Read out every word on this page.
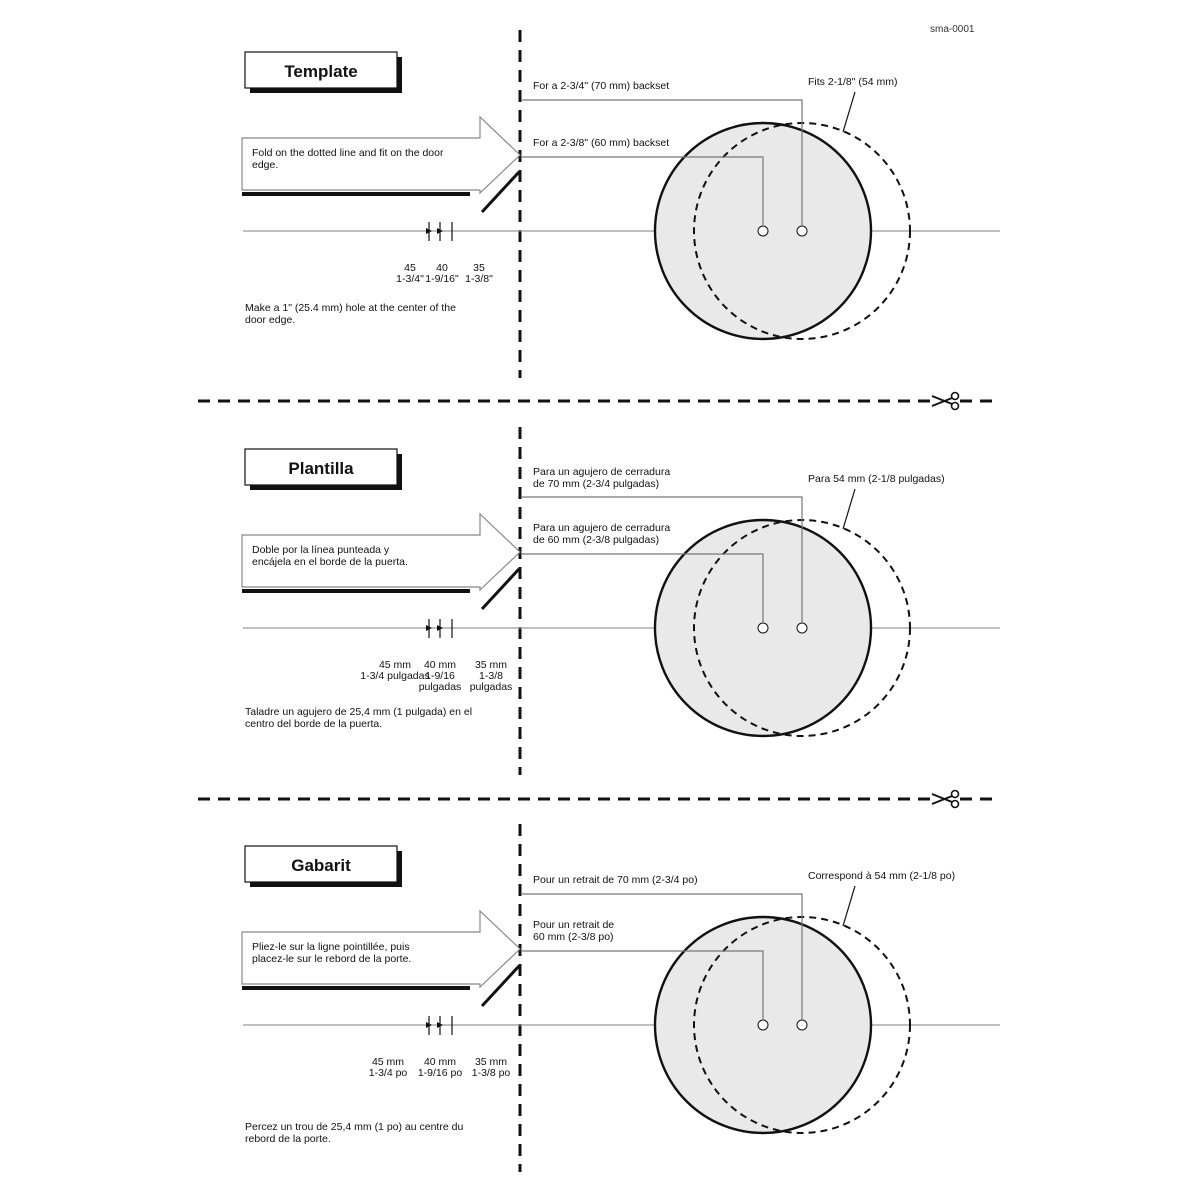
sma-0001
Template
Fold on the dotted line and fit on the door edge.
For a 2-3/4" (70 mm) backset
For a 2-3/8" (60 mm) backset
Fits 2-1/8" (54 mm)
45 1-3/4"
40 1-9/16"
35 1-3/8"
Make a 1" (25.4 mm) hole at the center of the door edge.
Plantilla
Doble por la línea punteada y encájela en el borde de la puerta.
Para un agujero de cerradura de 70 mm (2-3/4 pulgadas)
Para un agujero de cerradura de 60 mm (2-3/8 pulgadas)
Para 54 mm (2-1/8 pulgadas)
45 mm 1-3/4 pulgadas
40 mm 1-9/16 pulgadas
35 mm 1-3/8 pulgadas
Taladre un agujero de 25,4 mm (1 pulgada) en el centro del borde de la puerta.
Gabarit
Pliez-le sur la ligne pointillée, puis placez-le sur le rebord de la porte.
Pour un retrait de 70 mm (2-3/4 po)
Pour un retrait de 60 mm (2-3/8 po)
Correspond à 54 mm (2-1/8 po)
45 mm 1-3/4 po
40 mm 1-9/16 po
35 mm 1-3/8 po
Percez un trou de 25,4 mm (1 po) au centre du rebord de la porte.
